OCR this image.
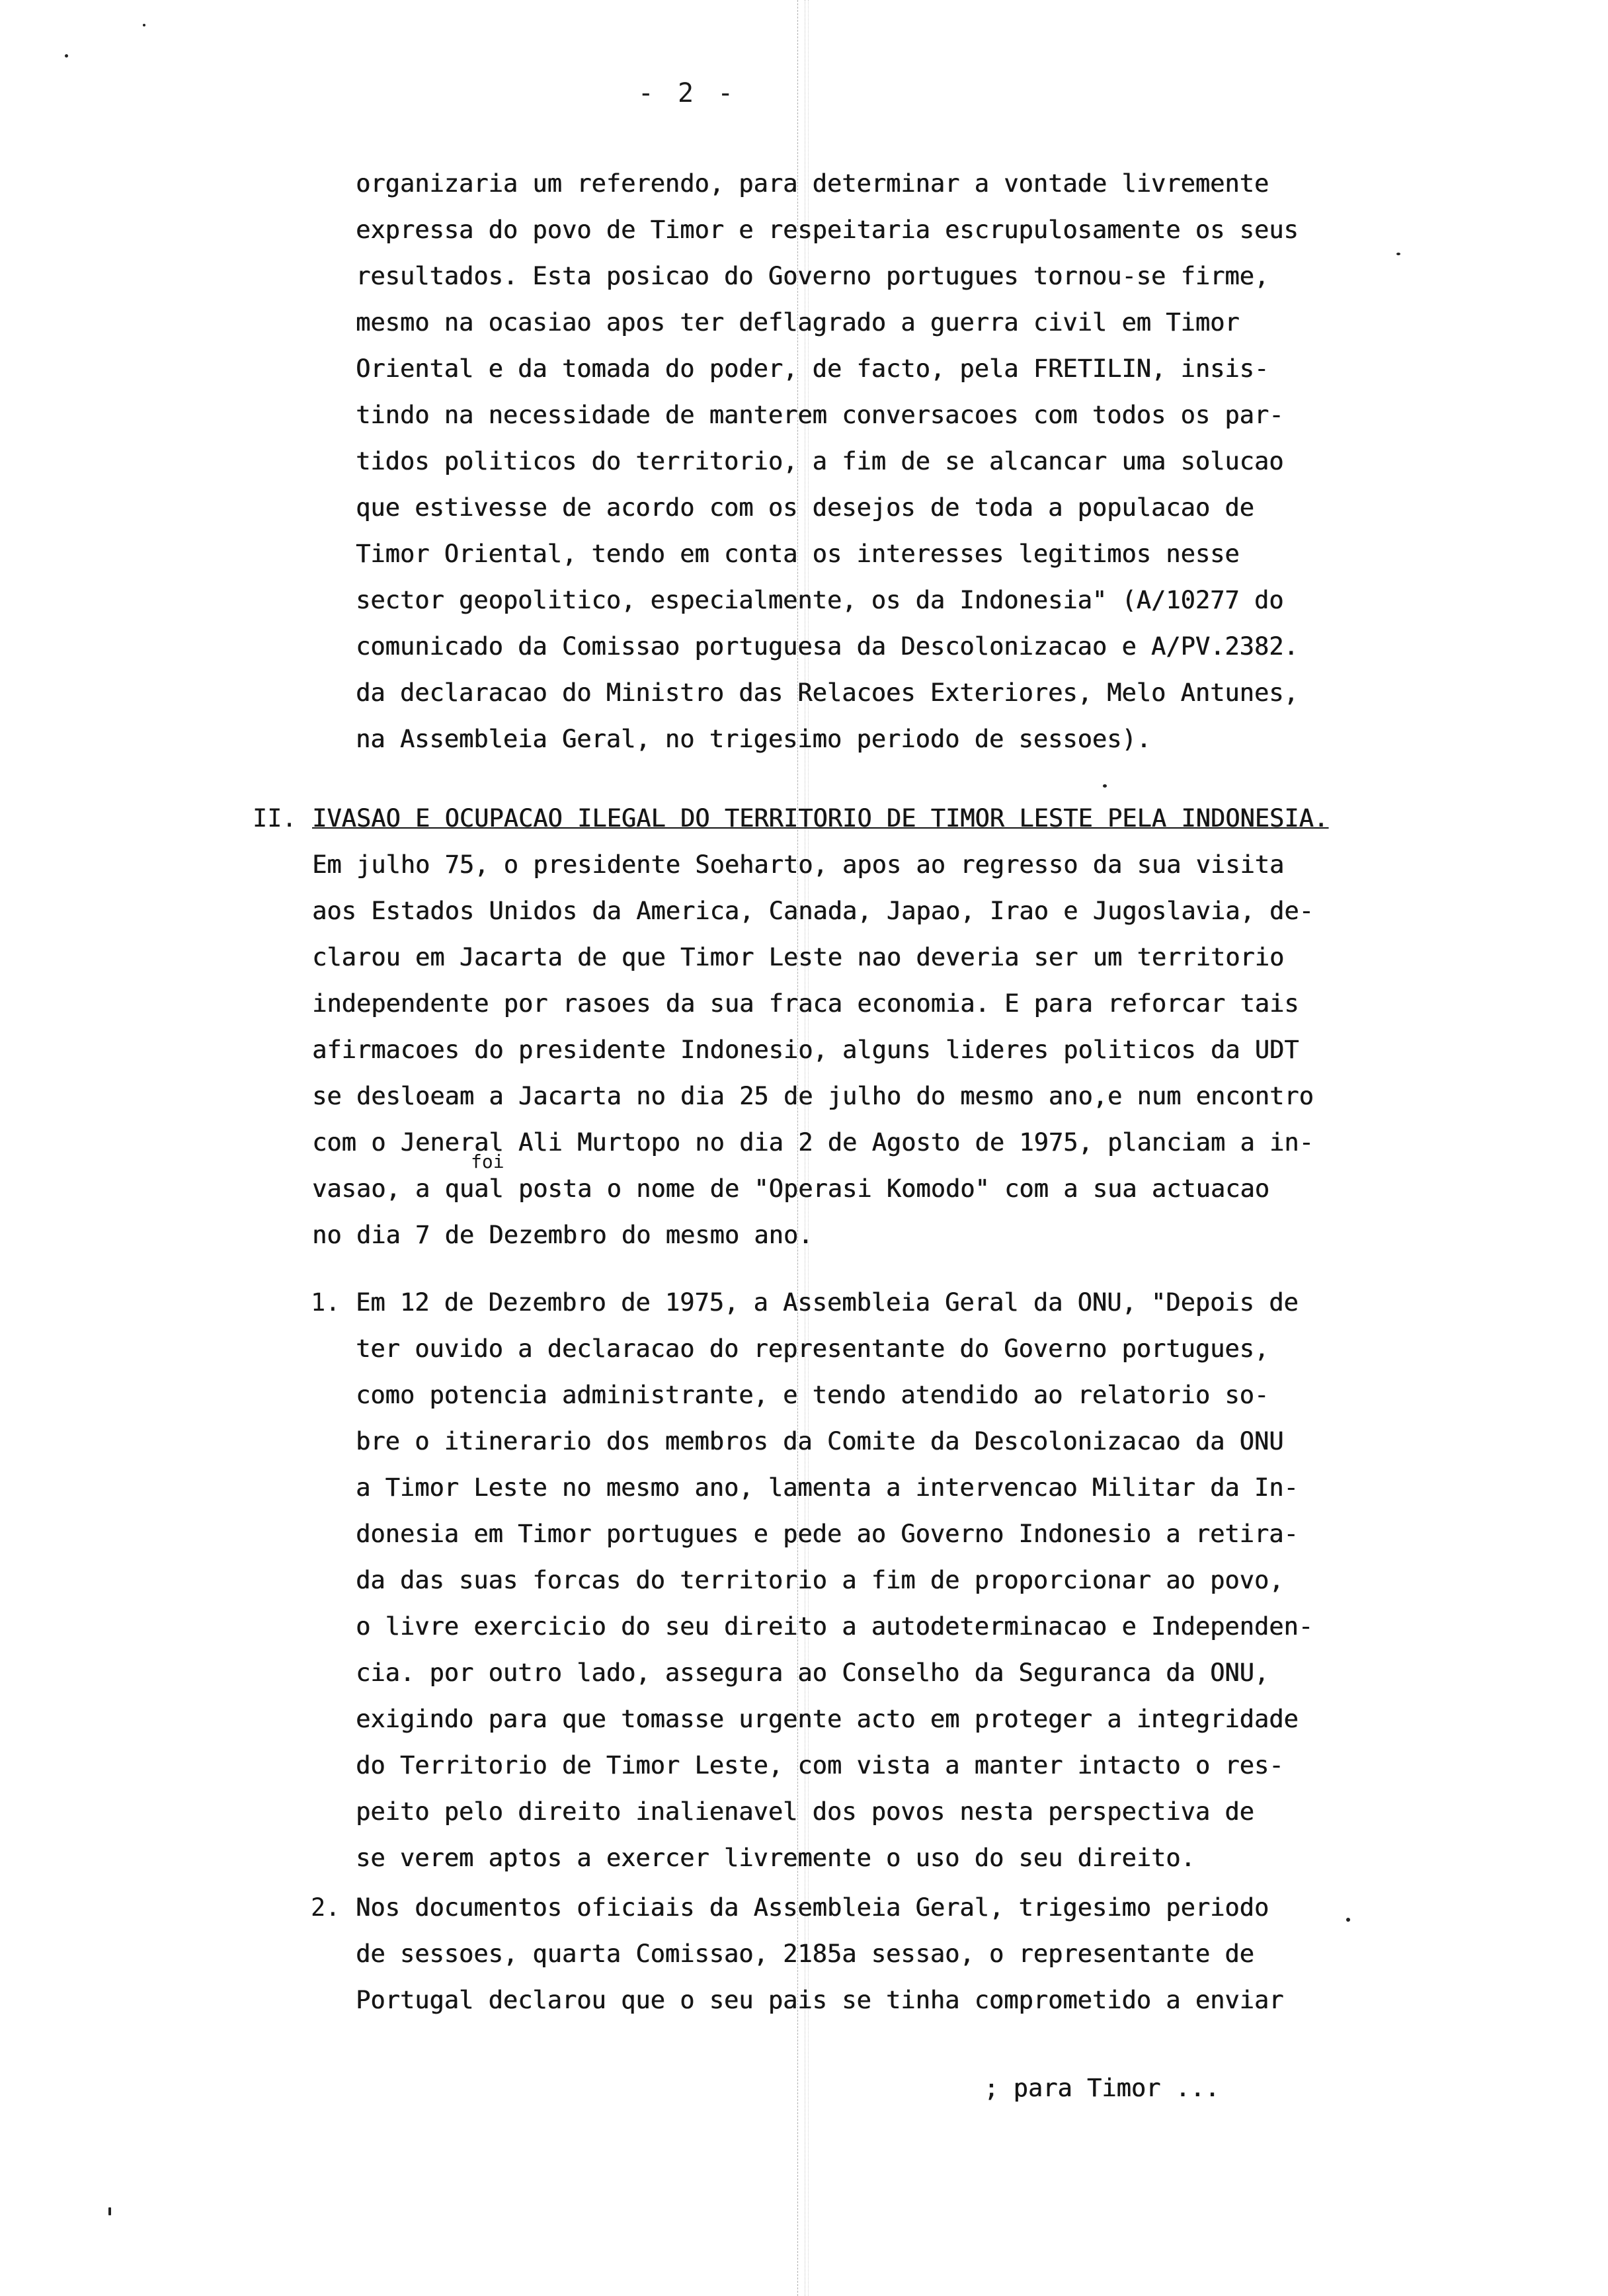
- 2 -
organizaria um referendo, para determinar a vontade livremente
expressa do povo de Timor e respeitaria escrupulosamente os seus
resultados. Esta posicao do Governo portugues tornou-se firme,
mesmo na ocasiao apos ter deflagrado a guerra civil em Timor
Oriental e da tomada do poder, de facto, pela FRETILIN, insis-
tindo na necessidade de manterem conversacoes com todos os par-
tidos politicos do territorio, a fim de se alcancar uma solucao
que estivesse de acordo com os desejos de toda a populacao de
Timor Oriental, tendo em conta os interesses legitimos nesse
sector geopolitico, especialmente, os da Indonesia" (A/10277 do
comunicado da Comissao portuguesa da Descolonizacao e A/PV.2382.
da declaracao do Ministro das Relacoes Exteriores, Melo Antunes,
na Assembleia Geral, no trigesimo periodo de sessoes).
II. IVASAO E OCUPACAO ILEGAL DO TERRITORIO DE TIMOR LESTE PELA INDONESIA.
Em julho 75, o presidente Soeharto, apos ao regresso da sua visita
aos Estados Unidos da America, Canada, Japao, Irao e Jugoslavia, de-
clarou em Jacarta de que Timor Leste nao deveria ser um territorio
independente por rasoes da sua fraca economia. E para reforcar tais
afirmacoes do presidente Indonesio, alguns lideres politicos da UDT
se desloeam a Jacarta no dia 25 de julho do mesmo ano,e num encontro
com o Jeneral Ali Murtopo no dia 2 de Agosto de 1975, planciam a in-
foi
vasao, a qual posta o nome de "Operasi Komodo" com a sua actuacao
no dia 7 de Dezembro do mesmo ano.
1. Em 12 de Dezembro de 1975, a Assembleia Geral da ONU, "Depois de
ter ouvido a declaracao do representante do Governo portugues,
como potencia administrante, e tendo atendido ao relatorio so-
bre o itinerario dos membros da Comite da Descolonizacao da ONU
a Timor Leste no mesmo ano, lamenta a intervencao Militar da In-
donesia em Timor portugues e pede ao Governo Indonesio a retira-
da das suas forcas do territorio a fim de proporcionar ao povo,
o livre exercicio do seu direito a autodeterminacao e Independen-
cia. por outro lado, assegura ao Conselho da Seguranca da ONU,
exigindo para que tomasse urgente acto em proteger a integridade
do Territorio de Timor Leste, com vista a manter intacto o res-
peito pelo direito inalienavel dos povos nesta perspectiva de
se verem aptos a exercer livremente o uso do seu direito.
2. Nos documentos oficiais da Assembleia Geral, trigesimo periodo
de sessoes, quarta Comissao, 2185a sessao, o representante de
Portugal declarou que o seu pais se tinha comprometido a enviar
; para Timor ...
